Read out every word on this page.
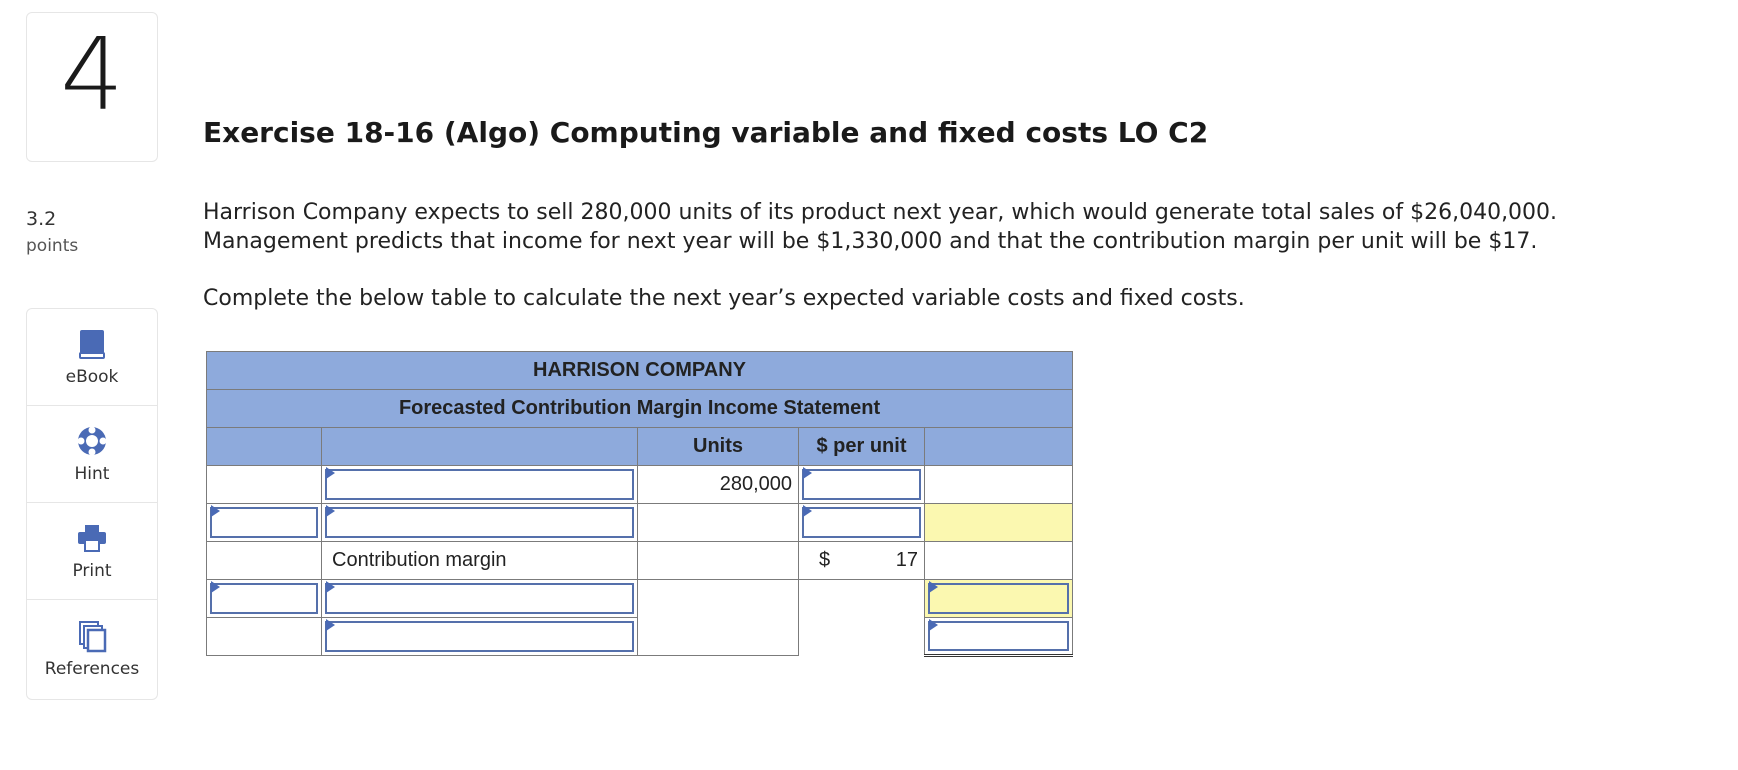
4
3.2
points
eBook
Hint
Print
References
Exercise 18-16 (Algo) Computing variable and fixed costs LO C2
Harrison Company expects to sell 280,000 units of its product next year, which would generate total sales of $26,040,000.
Management predicts that income for next year will be $1,330,000 and that the contribution margin per unit will be $17.
Complete the below table to calculate the next year’s expected variable costs and fixed costs.
HARRISON COMPANY				
Forecasted Contribution Margin Income Statement				
		Units	$ per unit	
		280,000		

	Contribution margin		$ 17	
